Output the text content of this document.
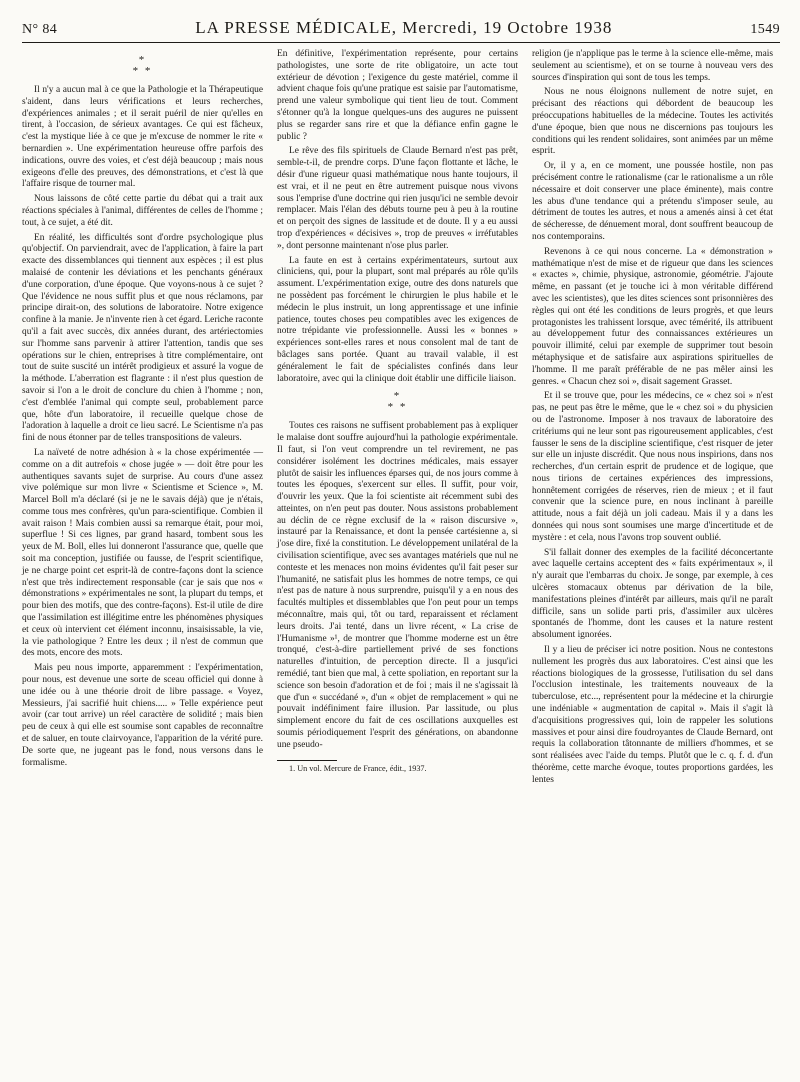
N° 84	LA PRESSE MÉDICALE, Mercredi, 19 Octobre 1938	1549
*
* *

Il n'y a aucun mal à ce que la Pathologie et la Thérapeutique s'aident, dans leurs vérifications et leurs recherches, d'expériences animales ; et il serait puéril de nier qu'elles en tirent, à l'occasion, de sérieux avantages. Ce qui est fâcheux, c'est la mystique liée à ce que je m'excuse de nommer le rite « bernardien ». Une expérimentation heureuse offre parfois des indications, ouvre des voies, et c'est déjà beaucoup ; mais nous exigeons d'elle des preuves, des démonstrations, et c'est là que l'affaire risque de tourner mal.

Nous laissons de côté cette partie du débat qui a trait aux réactions spéciales à l'animal, différentes de celles de l'homme ; tout, à ce sujet, a été dit.

En réalité, les difficultés sont d'ordre psychologique plus qu'objectif. On parviendrait, avec de l'application, à faire la part exacte des dissemblances qui tiennent aux espèces ; il est plus malaisé de contenir les déviations et les penchants généraux d'une corporation, d'une époque. Que voyons-nous à ce sujet ? Que l'évidence ne nous suffit plus et que nous réclamons, par principe dirait-on, des solutions de laboratoire. Notre exigence confine à la manie. Je n'invente rien à cet égard. Leriche raconte qu'il a fait avec succès, dix années durant, des artériectomies sur l'homme sans parvenir à attirer l'attention, tandis que ses opérations sur le chien, entreprises à titre complémentaire, ont tout de suite suscité un intérêt prodigieux et assuré la vogue de la méthode. L'aberration est flagrante : il n'est plus question de savoir si l'on a le droit de conclure du chien à l'homme ; non, c'est d'emblée l'animal qui compte seul, probablement parce que, hôte d'un laboratoire, il recueille quelque chose de l'adoration à laquelle a droit ce lieu sacré. Le Scientisme n'a pas fini de nous étonner par de telles transpositions de valeurs.

La naïveté de notre adhésion à « la chose expérimentée — comme on a dit autrefois « chose jugée » — doit être pour les authentiques savants sujet de surprise. Au cours d'une assez vive polémique sur mon livre « Scientisme et Science », M. Marcel Boll m'a déclaré (si je ne le savais déjà) que je n'étais, comme tous mes confrères, qu'un para-scientifique. Combien il avait raison ! Mais combien aussi sa remarque était, pour moi, superflue ! Si ces lignes, par grand hasard, tombent sous les yeux de M. Boll, elles lui donneront l'assurance que, quelle que soit ma conception, justifiée ou fausse, de l'esprit scientifique, je ne charge point cet esprit-là de contre-façons dont la science n'est que très indirectement responsable (car je sais que nos « démonstrations » expérimentales ne sont, la plupart du temps, et pour bien des motifs, que des contre-façons). Est-il utile de dire que l'assimilation est illégitime entre les phénomènes physiques et ceux où intervient cet élément inconnu, insaisissable, la vie, la vie pathologique ? Entre les deux ; il n'est de commun que des mots, encore des mots.

Mais peu nous importe, apparemment : l'expérimentation, pour nous, est devenue une sorte de sceau officiel qui donne à une idée ou à une théorie droit de libre passage. « Voyez, Messieurs, j'ai sacrifié huit chiens..... » Telle expérience peut avoir (car tout arrive) un réel caractère de solidité ; mais bien peu de ceux à qui elle est soumise sont capables de reconnaître et de saluer, en toute clairvoyance, l'apparition de la vérité pure. De sorte que, ne jugeant pas le fond, nous versons dans le formalisme.

En définitive, l'expérimentation représente, pour certains pathologistes, une sorte de rite obligatoire, un acte tout extérieur de dévotion ; l'exigence du geste matériel, comme il advient chaque fois qu'une pratique est saisie par l'automatisme, prend une valeur symbolique qui tient lieu de tout. Comment s'étonner qu'à la longue quelques-uns des augures ne puissent plus se regarder sans rire et que la défiance enfin gagne le public ?

Le rêve des fils spirituels de Claude Bernard n'est pas prêt, semble-t-il, de prendre corps. D'une façon flottante et lâche, le désir d'une rigueur quasi mathématique nous hante toujours, il est vrai, et il ne peut en être autrement puisque nous vivons sous l'emprise d'une doctrine qui rien jusqu'ici ne semble devoir remplacer. Mais l'élan des débuts tourne peu à peu à la routine et on perçoit des signes de lassitude et de doute. Il y a eu aussi trop d'expériences « décisives », trop de preuves « irréfutables », dont personne maintenant n'ose plus parler.

La faute en est à certains expérimentateurs, surtout aux cliniciens, qui, pour la plupart, sont mal préparés au rôle qu'ils assument. L'expérimentation exige, outre des dons naturels que ne possèdent pas forcément le chirurgien le plus habile et le médecin le plus instruit, un long apprentissage et une infinie patience, toutes choses peu compatibles avec les exigences de notre trépidante vie professionnelle. Aussi les « bonnes » expériences sont-elles rares et nous consolent mal de tant de bâclages sans portée. Quant au travail valable, il est généralement le fait de spécialistes confinés dans leur laboratoire, avec qui la clinique doit établir une difficile liaison.

*
* *

Toutes ces raisons ne suffisent probablement pas à expliquer le malaise dont souffre aujourd'hui la pathologie expérimentale. Il faut, si l'on veut comprendre un tel revirement, ne pas considérer isolément les doctrines médicales, mais essayer plutôt de saisir les influences éparses qui, de nos jours comme à toutes les époques, s'exercent sur elles. Il suffit, pour voir, d'ouvrir les yeux. Que la foi scientiste ait récemment subi des atteintes, on n'en peut pas douter. Nous assistons probablement au déclin de ce règne exclusif de la « raison discursive », instauré par la Renaissance, et dont la pensée cartésienne a, si j'ose dire, fixé la constitution. Le développement unilatéral de la civilisation scientifique, avec ses avantages matériels que nul ne conteste et les menaces non moins évidentes qu'il fait peser sur l'humanité, ne satisfait plus les hommes de notre temps, ce qui n'est pas de nature à nous surprendre, puisqu'il y a en nous des facultés multiples et dissemblables que l'on peut pour un temps méconnaître, mais qui, tôt ou tard, reparaissent et réclament leurs droits. J'ai tenté, dans un livre récent, « La crise de l'Humanisme »¹, de montrer que l'homme moderne est un être tronqué, c'est-à-dire partiellement privé de ses fonctions naturelles d'intuition, de perception directe. Il a jusqu'ici remédié, tant bien que mal, à cette spoliation, en reportant sur la science son besoin d'adoration et de foi ; mais il ne s'agissait là que d'un « succédané », d'un « objet de remplacement » qui ne pouvait indéfiniment faire illusion. Par lassitude, ou plus simplement encore du fait de ces oscillations auxquelles est soumis périodiquement l'esprit des générations, on abandonne une pseudo-

1. Un vol. Mercure de France, édit., 1937.

religion (je n'applique pas le terme à la science elle-même, mais seulement au scientisme), et on se tourne à nouveau vers des sources d'inspiration qui sont de tous les temps.

Nous ne nous éloignons nullement de notre sujet, en précisant des réactions qui débordent de beaucoup les préoccupations habituelles de la médecine. Toutes les activités d'une époque, bien que nous ne discernions pas toujours les conditions qui les rendent solidaires, sont animées par un même esprit.

Or, il y a, en ce moment, une poussée hostile, non pas précisément contre le rationalisme (car le rationalisme a un rôle nécessaire et doit conserver une place éminente), mais contre les abus d'une tendance qui a prétendu s'imposer seule, au détriment de toutes les autres, et nous a amenés ainsi à cet état de sécheresse, de dénuement moral, dont souffrent beaucoup de nos contemporains.

Revenons à ce qui nous concerne. La « démonstration » mathématique n'est de mise et de rigueur que dans les sciences « exactes », chimie, physique, astronomie, géométrie. J'ajoute même, en passant (et je touche ici à mon véritable différend avec les scientistes), que les dites sciences sont prisonnières des règles qui ont été les conditions de leurs progrès, et que leurs protagonistes les trahissent lorsque, avec témérité, ils attribuent au développement futur des connaissances extérieures un pouvoir illimité, celui par exemple de supprimer tout besoin métaphysique et de satisfaire aux aspirations spirituelles de l'homme. Il me paraît préférable de ne pas mêler ainsi les genres. « Chacun chez soi », disait sagement Grasset.

Et il se trouve que, pour les médecins, ce « chez soi » n'est pas, ne peut pas être le même, que le « chez soi » du physicien ou de l'astronome. Imposer à nos travaux de laboratoire des critériums qui ne leur sont pas rigoureusement applicables, c'est fausser le sens de la discipline scientifique, c'est risquer de jeter sur elle un injuste discrédit. Que nous nous inspirions, dans nos recherches, d'un certain esprit de prudence et de logique, que nous tirions de certaines expériences des impressions, honnêtement corrigées de réserves, rien de mieux ; et il faut convenir que la science pure, en nous inclinant à pareille attitude, nous a fait déjà un joli cadeau. Mais il y a dans les données qui nous sont soumises une marge d'incertitude et de mystère : et cela, nous l'avons trop souvent oublié.

S'il fallait donner des exemples de la facilité déconcertante avec laquelle certains acceptent des « faits expérimentaux », il n'y aurait que l'embarras du choix. Je songe, par exemple, à ces ulcères stomacaux obtenus par dérivation de la bile, manifestations pleines d'intérêt par ailleurs, mais qu'il ne paraît difficile, sans un solide parti pris, d'assimiler aux ulcères spontanés de l'homme, dont les causes et la nature restent absolument ignorées.

Il y a lieu de préciser ici notre position. Nous ne contestons nullement les progrès dus aux laboratoires. C'est ainsi que les réactions biologiques de la grossesse, l'utilisation du sel dans l'occlusion intestinale, les traitements nouveaux de la tuberculose, etc..., représentent pour la médecine et la chirurgie une indéniable « augmentation de capital ». Mais il s'agit là d'acquisitions progressives qui, loin de rappeler les solutions massives et pour ainsi dire foudroyantes de Claude Bernard, ont requis la collaboration tâtonnante de milliers d'hommes, et se sont réalisées avec l'aide du temps. Plutôt que le c. q. f. d. d'un théorème, cette marche évoque, toutes proportions gardées, les lentes
